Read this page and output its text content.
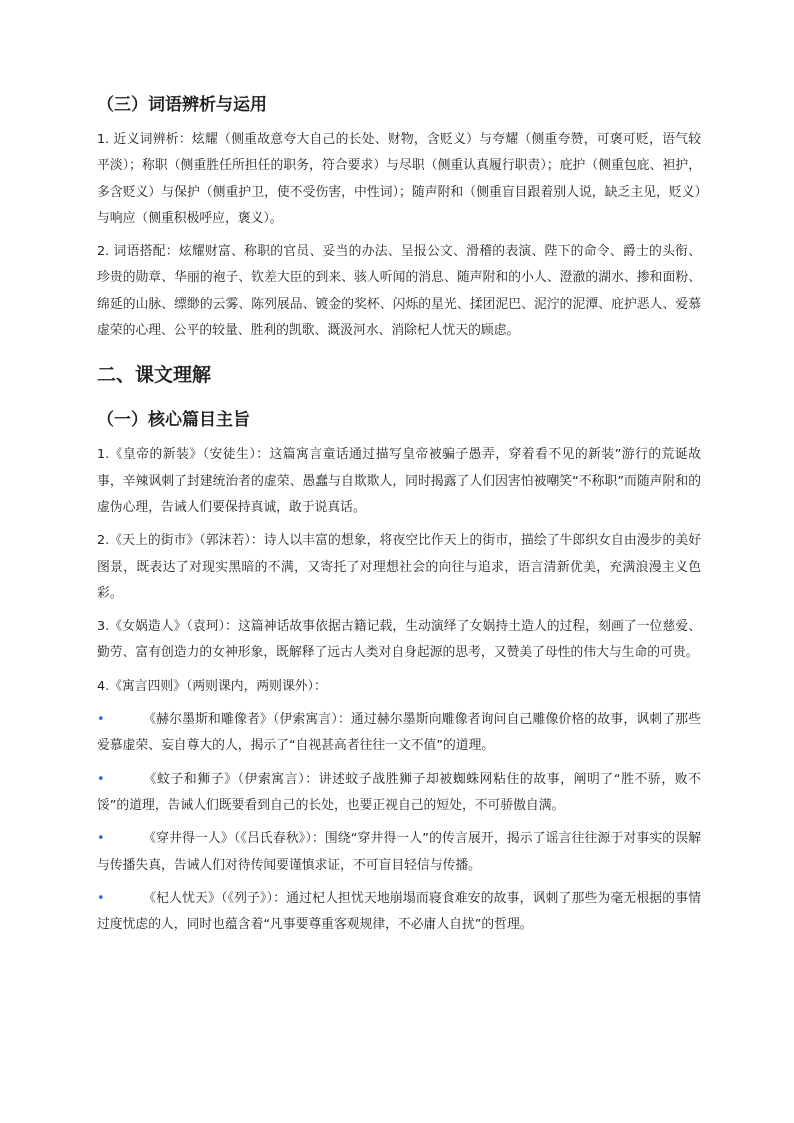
（三）词语辨析与运用

1. 近义词辨析：炫耀（侧重故意夸大自己的长处、财物，含贬义）与夸耀（侧重夸赞，可褒可贬，语气较平淡）；称职（侧重胜任所担任的职务，符合要求）与尽职（侧重认真履行职责）；庇护（侧重包庇、袒护，多含贬义）与保护（侧重护卫，使不受伤害，中性词）；随声附和（侧重盲目跟着别人说，缺乏主见，贬义）与响应（侧重积极呼应，褒义）。

2. 词语搭配：炫耀财富、称职的官员、妥当的办法、呈报公文、滑稽的表演、陛下的命令、爵士的头衔、珍贵的勋章、华丽的袍子、钦差大臣的到来、骇人听闻的消息、随声附和的小人、澄澈的湖水、掺和面粉、绵延的山脉、缥缈的云雾、陈列展品、镀金的奖杯、闪烁的星光、揉团泥巴、泥泞的泥潭、庇护恶人、爱慕虚荣的心理、公平的较量、胜利的凯歌、溉汲河水、消除杞人忧天的顾虑。

二、课文理解
（一）核心篇目主旨

1.《皇帝的新装》（安徒生）：这篇寓言童话通过描写皇帝被骗子愚弄，穿着看不见的新装”游行的荒诞故事，辛辣讽刺了封建统治者的虚荣、愚蠢与自欺欺人，同时揭露了人们因害怕被嘲笑“不称职”而随声附和的虚伪心理，告诫人们要保持真诚，敢于说真话。

2.《天上的街市》（郭沫若）：诗人以丰富的想象，将夜空比作天上的街市，描绘了牛郎织女自由漫步的美好图景，既表达了对现实黑暗的不满，又寄托了对理想社会的向往与追求，语言清新优美，充满浪漫主义色彩。

3.《女娲造人》（袁珂）：这篇神话故事依据古籍记载，生动演绎了女娲持土造人的过程，刻画了一位慈爱、勤劳、富有创造力的女神形象，既解释了远古人类对自身起源的思考，又赞美了母性的伟大与生命的可贵。

4.《寓言四则》（两则课内，两则课外）：

•	《赫尔墨斯和雕像者》（伊索寓言）：通过赫尔墨斯向雕像者询问自己雕像价格的故事，讽刺了那些爱慕虚荣、妄自尊大的人，揭示了“自视甚高者往往一文不值”的道理。

•	《蚊子和狮子》（伊索寓言）：讲述蚊子战胜狮子却被蜘蛛网粘住的故事，阐明了“胜不骄，败不馁”的道理，告诫人们既要看到自己的长处，也要正视自己的短处，不可骄傲自满。

•	《穿井得一人》（《吕氏春秋》）：围绕“穿井得一人”的传言展开，揭示了谣言往往源于对事实的误解与传播失真，告诫人们对待传闻要谨慎求证，不可盲目轻信与传播。

•	《杞人忧天》（《列子》）：通过杞人担忧天地崩塌而寝食难安的故事，讽刺了那些为毫无根据的事情过度忧虑的人，同时也蕴含着“凡事要尊重客观规律，不必庸人自扰”的哲理。
